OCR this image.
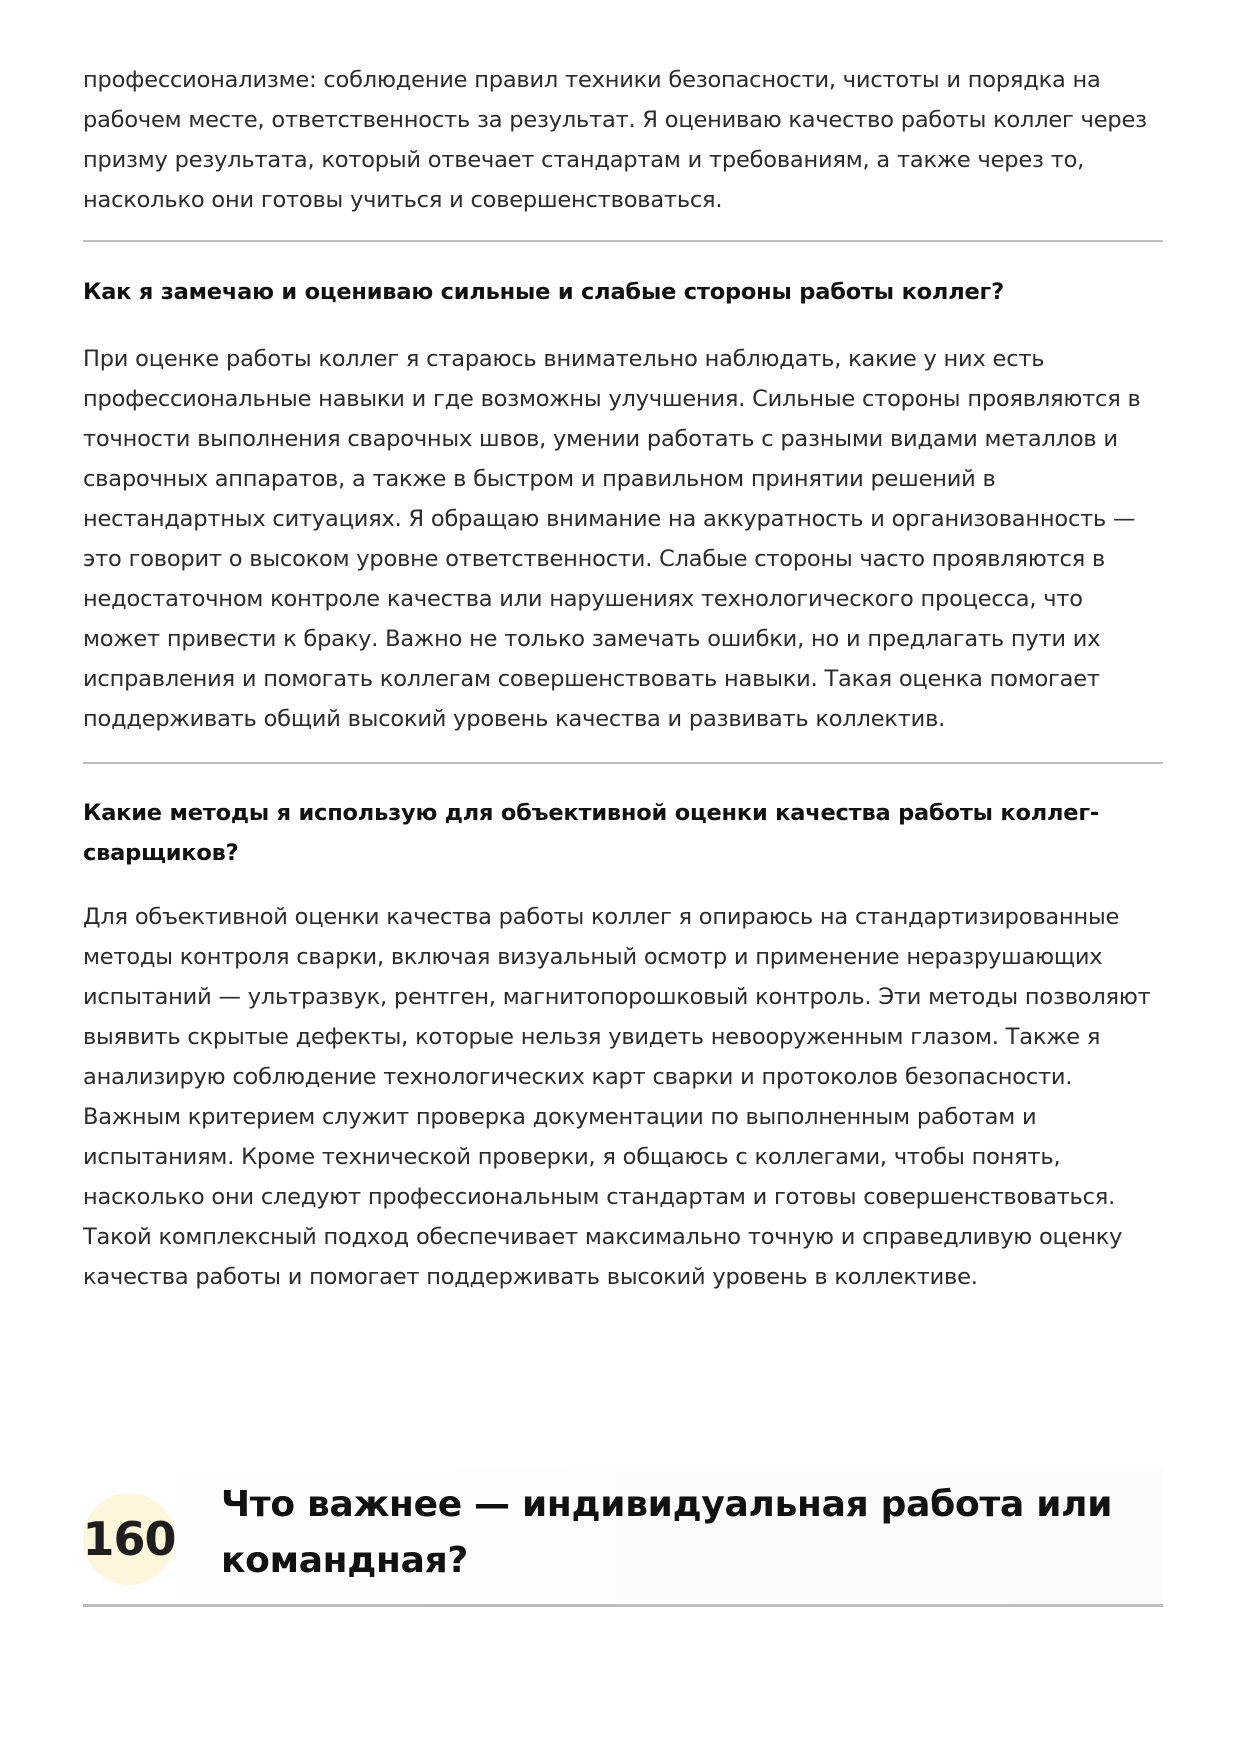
профессионализме: соблюдение правил техники безопасности, чистоты и порядка на рабочем месте, ответственность за результат. Я оцениваю качество работы коллег через призму результата, который отвечает стандартам и требованиям, а также через то, насколько они готовы учиться и совершенствоваться.

Как я замечаю и оцениваю сильные и слабые стороны работы коллег?

При оценке работы коллег я стараюсь внимательно наблюдать, какие у них есть профессиональные навыки и где возможны улучшения. Сильные стороны проявляются в точности выполнения сварочных швов, умении работать с разными видами металлов и сварочных аппаратов, а также в быстром и правильном принятии решений в нестандартных ситуациях. Я обращаю внимание на аккуратность и организованность — это говорит о высоком уровне ответственности. Слабые стороны часто проявляются в недостаточном контроле качества или нарушениях технологического процесса, что может привести к браку. Важно не только замечать ошибки, но и предлагать пути их исправления и помогать коллегам совершенствовать навыки. Такая оценка помогает поддерживать общий высокий уровень качества и развивать коллектив.

Какие методы я использую для объективной оценки качества работы коллег-сварщиков?

Для объективной оценки качества работы коллег я опираюсь на стандартизированные методы контроля сварки, включая визуальный осмотр и применение неразрушающих испытаний — ультразвук, рентген, магнитопорошковый контроль. Эти методы позволяют выявить скрытые дефекты, которые нельзя увидеть невооруженным глазом. Также я анализирую соблюдение технологических карт сварки и протоколов безопасности. Важным критерием служит проверка документации по выполненным работам и испытаниям. Кроме технической проверки, я общаюсь с коллегами, чтобы понять, насколько они следуют профессиональным стандартам и готовы совершенствоваться. Такой комплексный подход обеспечивает максимально точную и справедливую оценку качества работы и помогает поддерживать высокий уровень в коллективе.

160
Что важнее — индивидуальная работа или командная?
